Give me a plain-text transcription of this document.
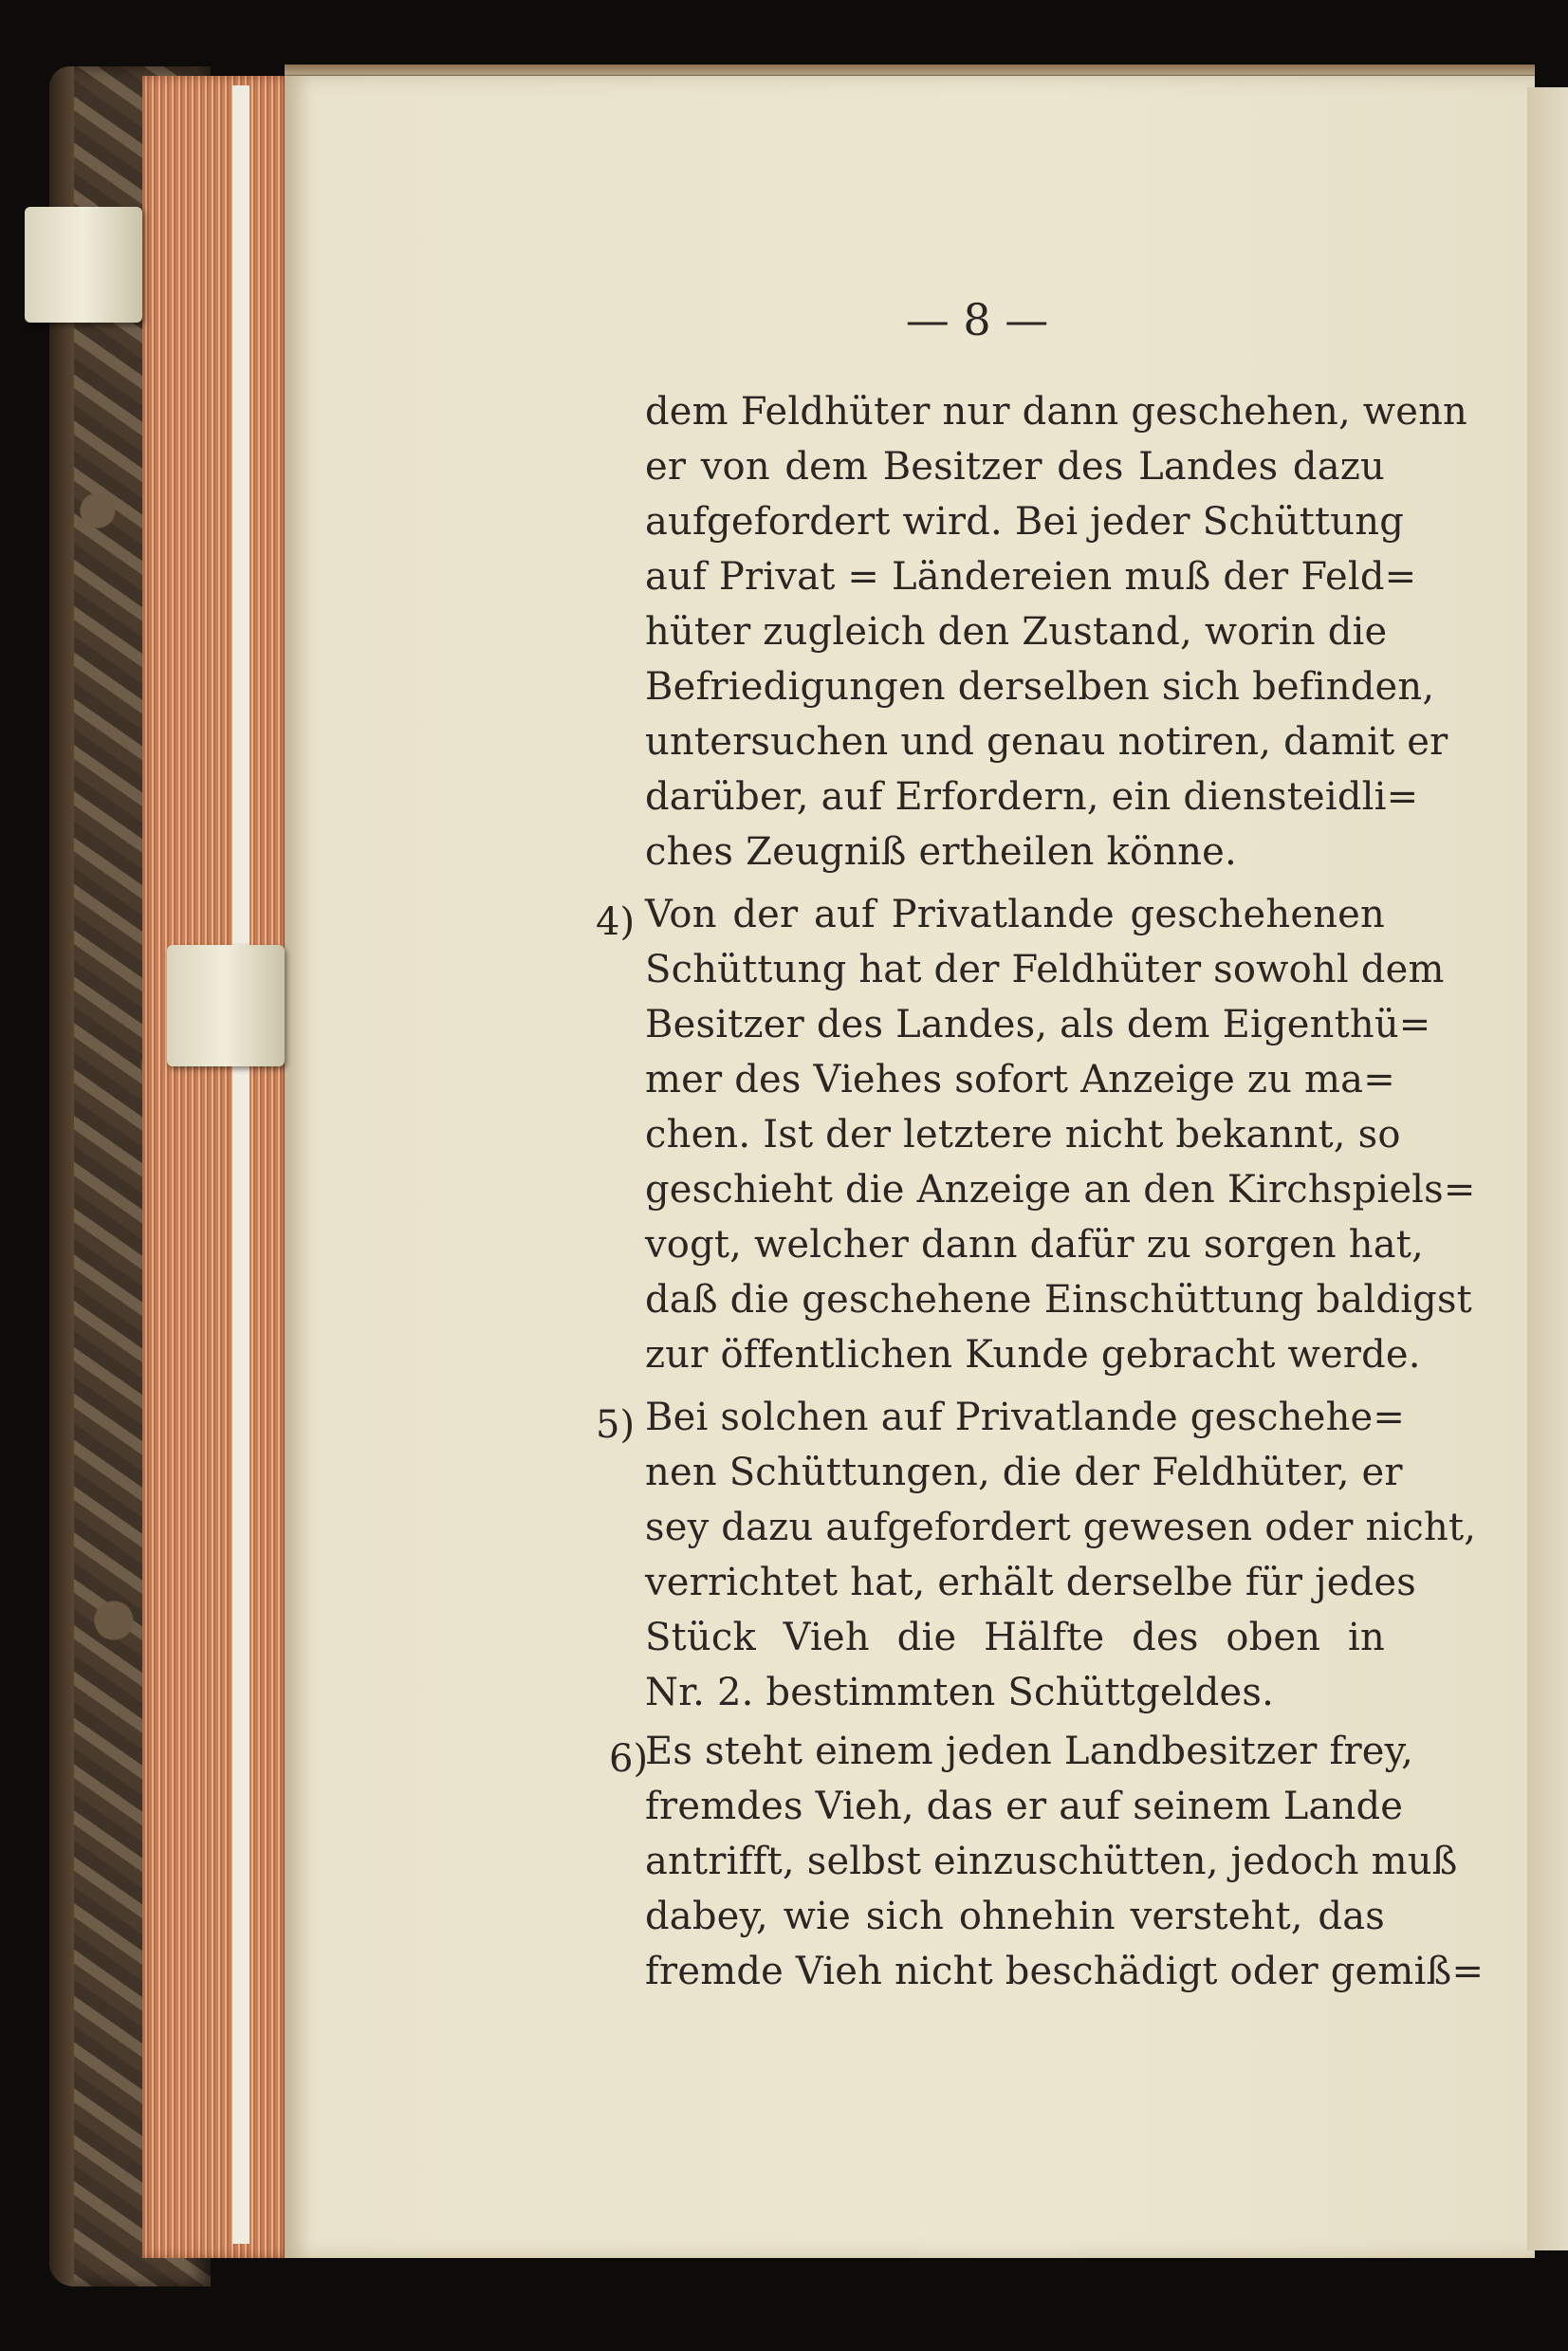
— 8 —
4)
5)
6)
dem Feldhüter nur dann geschehen, wenn
er von dem Besitzer des Landes dazu
aufgefordert wird. Bei jeder Schüttung
auf Privat = Ländereien muß der Feld=
hüter zugleich den Zustand, worin die
Befriedigungen derselben sich befinden,
untersuchen und genau notiren, damit er
darüber, auf Erfordern, ein diensteidli=
ches Zeugniß ertheilen könne.
Von der auf Privatlande geschehenen
Schüttung hat der Feldhüter sowohl dem
Besitzer des Landes, als dem Eigenthü=
mer des Viehes sofort Anzeige zu ma=
chen. Ist der letztere nicht bekannt, so
geschieht die Anzeige an den Kirchspiels=
vogt, welcher dann dafür zu sorgen hat,
daß die geschehene Einschüttung baldigst
zur öffentlichen Kunde gebracht werde.
Bei solchen auf Privatlande geschehe=
nen Schüttungen, die der Feldhüter, er
sey dazu aufgefordert gewesen oder nicht,
verrichtet hat, erhält derselbe für jedes
Stück Vieh die Hälfte des oben in
Nr. 2. bestimmten Schüttgeldes.
Es steht einem jeden Landbesitzer frey,
fremdes Vieh, das er auf seinem Lande
antrifft, selbst einzuschütten, jedoch muß
dabey, wie sich ohnehin versteht, das
fremde Vieh nicht beschädigt oder gemiß=
